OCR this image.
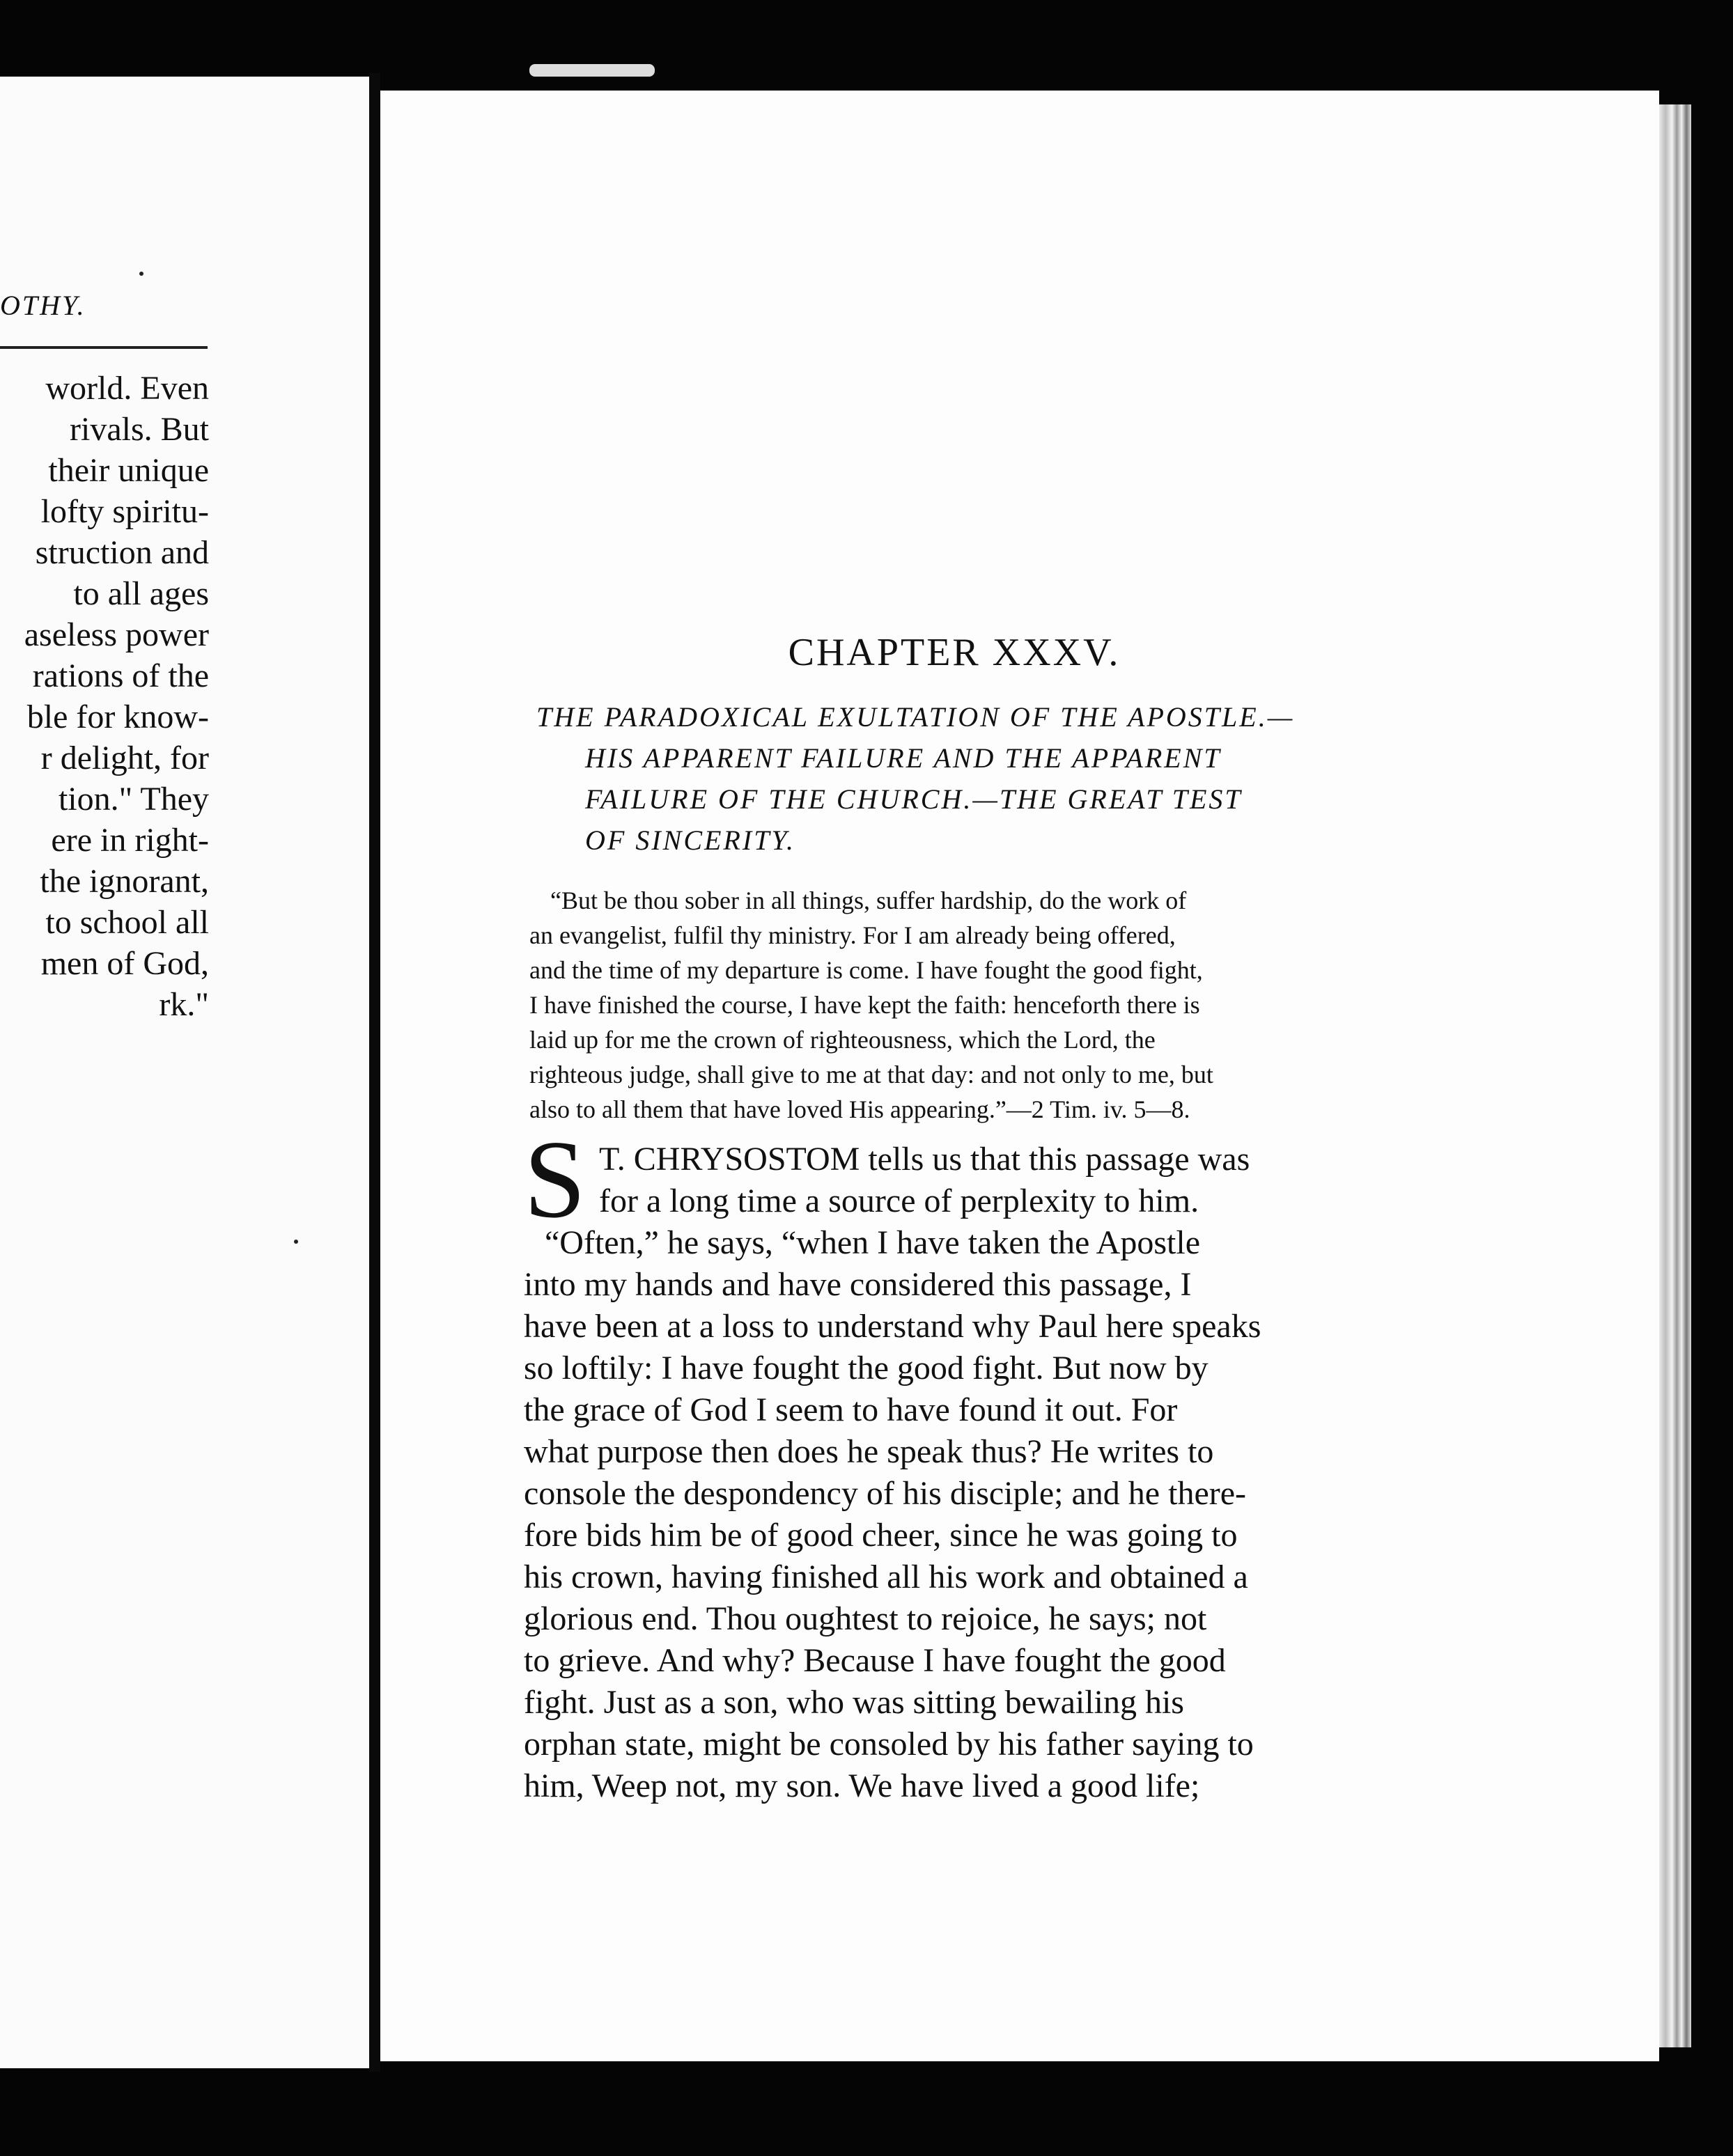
OTHY.
world. Even
rivals. But
their unique
lofty spiritu-
struction and
to all ages
aseless power
rations of the
ble for know-
r delight, for
tion." They
ere in right-
the ignorant,
to school all
men of God,
rk."
CHAPTER XXXV.
THE PARADOXICAL EXULTATION OF THE APOSTLE.—
HIS APPARENT FAILURE AND THE APPARENT
FAILURE OF THE CHURCH.—THE GREAT TEST
OF SINCERITY.
“But be thou sober in all things, suffer hardship, do the work of
an evangelist, fulfil thy ministry. For I am already being offered,
and the time of my departure is come. I have fought the good fight,
I have finished the course, I have kept the faith: henceforth there is
laid up for me the crown of righteousness, which the Lord, the
righteous judge, shall give to me at that day: and not only to me, but
also to all them that have loved His appearing.”—2 Tim. iv. 5—8.
S T. CHRYSOSTOM tells us that this passage was
for a long time a source of perplexity to him.
“Often,” he says, “when I have taken the Apostle
into my hands and have considered this passage, I
have been at a loss to understand why Paul here speaks
so loftily: I have fought the good fight. But now by
the grace of God I seem to have found it out. For
what purpose then does he speak thus? He writes to
console the despondency of his disciple; and he there-
fore bids him be of good cheer, since he was going to
his crown, having finished all his work and obtained a
glorious end. Thou oughtest to rejoice, he says; not
to grieve. And why? Because I have fought the good
fight. Just as a son, who was sitting bewailing his
orphan state, might be consoled by his father saying to
him, Weep not, my son. We have lived a good life;
